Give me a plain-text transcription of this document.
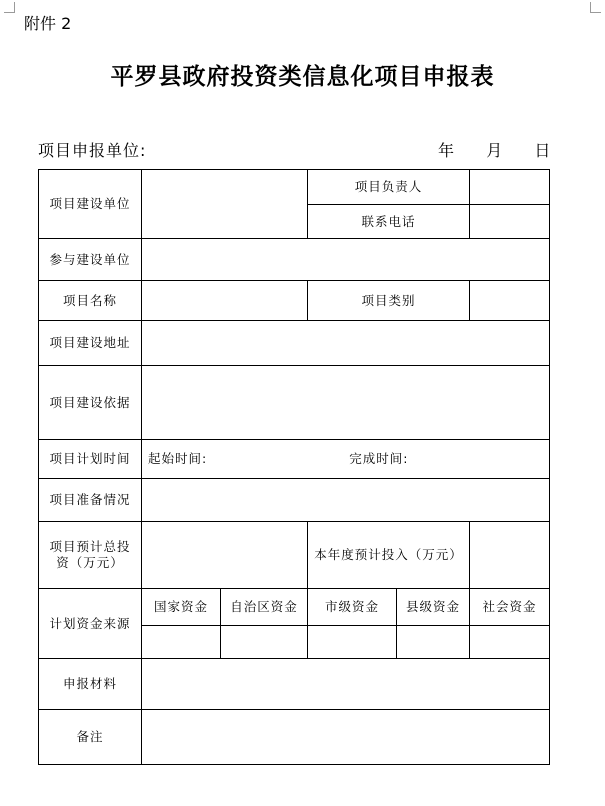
附件 2
平罗县政府投资类信息化项目申报表
项目申报单位:	年 月 日
项目建设单位			项目负责人		
			联系电话		
参与建设单位					
项目名称			项目类别		
项目建设地址					
项目建设依据					
项目计划时间	起始时间: 完成时间:				

项目准备情况					

项目预计总投
资（万元）			本年度预计投入（万元）		
计划资金来源	国家资金	自治区资金	市级资金	县级资金	社会资金

申报材料					
备注					
